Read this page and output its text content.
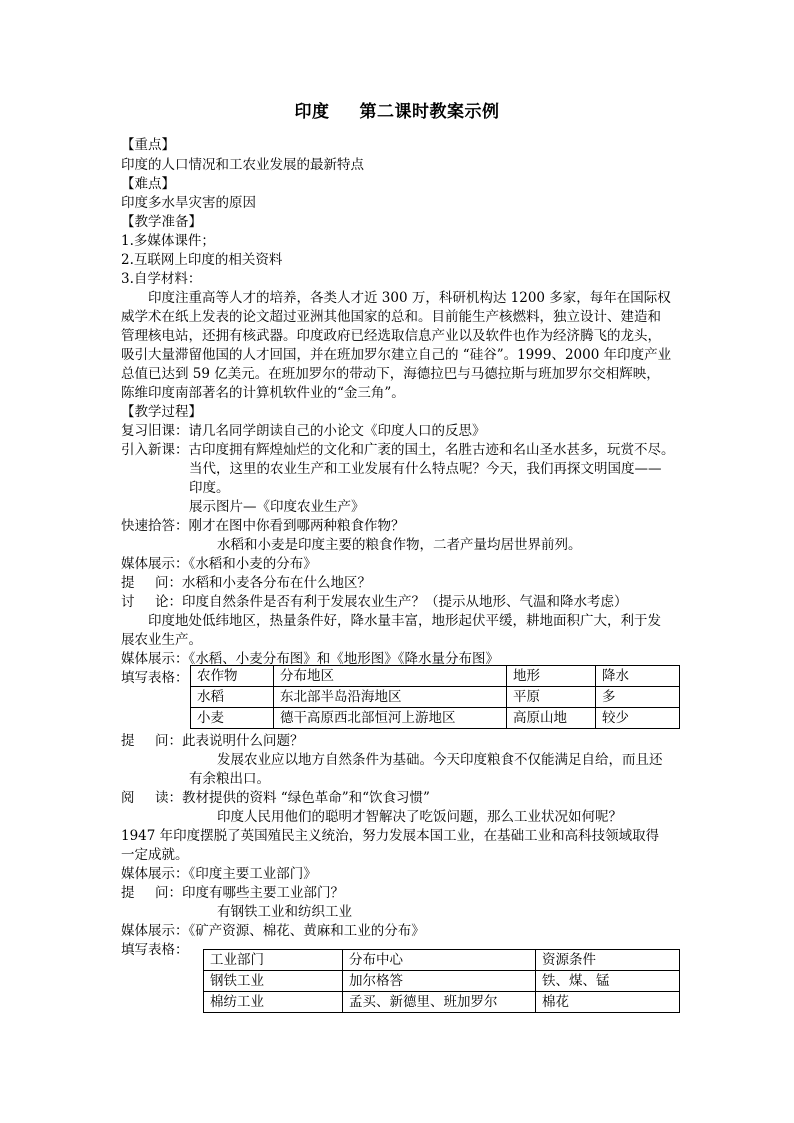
印度 第二课时教案示例
【重点】
印度的人口情况和工农业发展的最新特点
【难点】
印度多水旱灾害的原因
【教学准备】
1.多媒体课件；
2.互联网上印度的相关资料
3.自学材料：
印度注重高等人才的培养，各类人才近 300 万，科研机构达 1200 多家，每年在国际权
威学术在纸上发表的论文超过亚洲其他国家的总和。目前能生产核燃料，独立设计、建造和
管理核电站，还拥有核武器。印度政府已经选取信息产业以及软件也作为经济腾飞的龙头，
吸引大量滞留他国的人才回国，并在班加罗尔建立自己的 “硅谷”。1999、2000 年印度产业
总值已达到 59 亿美元。在班加罗尔的带动下，海德拉巴与马德拉斯与班加罗尔交相辉映，
陈维印度南部著名的计算机软件业的“金三角”。
【教学过程】
复习旧课：请几名同学朗读自己的小论文《印度人口的反思》
引入新课：古印度拥有辉煌灿烂的文化和广袤的国土，名胜古迹和名山圣水甚多，玩赏不尽。
当代，这里的农业生产和工业发展有什么特点呢？今天，我们再探文明国度——
印度。
展示图片—《印度农业生产》
快速拾答：刚才在图中你看到哪两种粮食作物？
水稻和小麦是印度主要的粮食作物，二者产量均居世界前列。
媒体展示：《水稻和小麦的分布》
提 问：水稻和小麦各分布在什么地区？
讨 论：印度自然条件是否有利于发展农业生产？（提示从地形、气温和降水考虑）
印度地处低纬地区，热量条件好，降水量丰富，地形起伏平缓，耕地面积广大，利于发
展农业生产。
媒体展示：《水稻、小麦分布图》和《地形图》《降水量分布图》
填写表格： 农作物	分布地区	地形	降水
水稻	东北部半岛沿海地区	平原	多
小麦	德干高原西北部恒河上游地区	高原山地	较少
提 问：此表说明什么问题？
发展农业应以地方自然条件为基础。今天印度粮食不仅能满足自给，而且还
有余粮出口。
阅 读：教材提供的资料 “绿色革命”和“饮食习惯”
印度人民用他们的聪明才智解决了吃饭问题，那么工业状况如何呢？
1947 年印度摆脱了英国殖民主义统治，努力发展本国工业，在基础工业和高科技领域取得
一定成就。
媒体展示：《印度主要工业部门》
提 问：印度有哪些主要工业部门？
有钢铁工业和纺织工业
媒体展示：《矿产资源、棉花、黄麻和工业的分布》
填写表格：
工业部门	分布中心	资源条件
钢铁工业	加尔格答	铁、煤、锰
棉纺工业	孟买、新德里、班加罗尔	棉花
